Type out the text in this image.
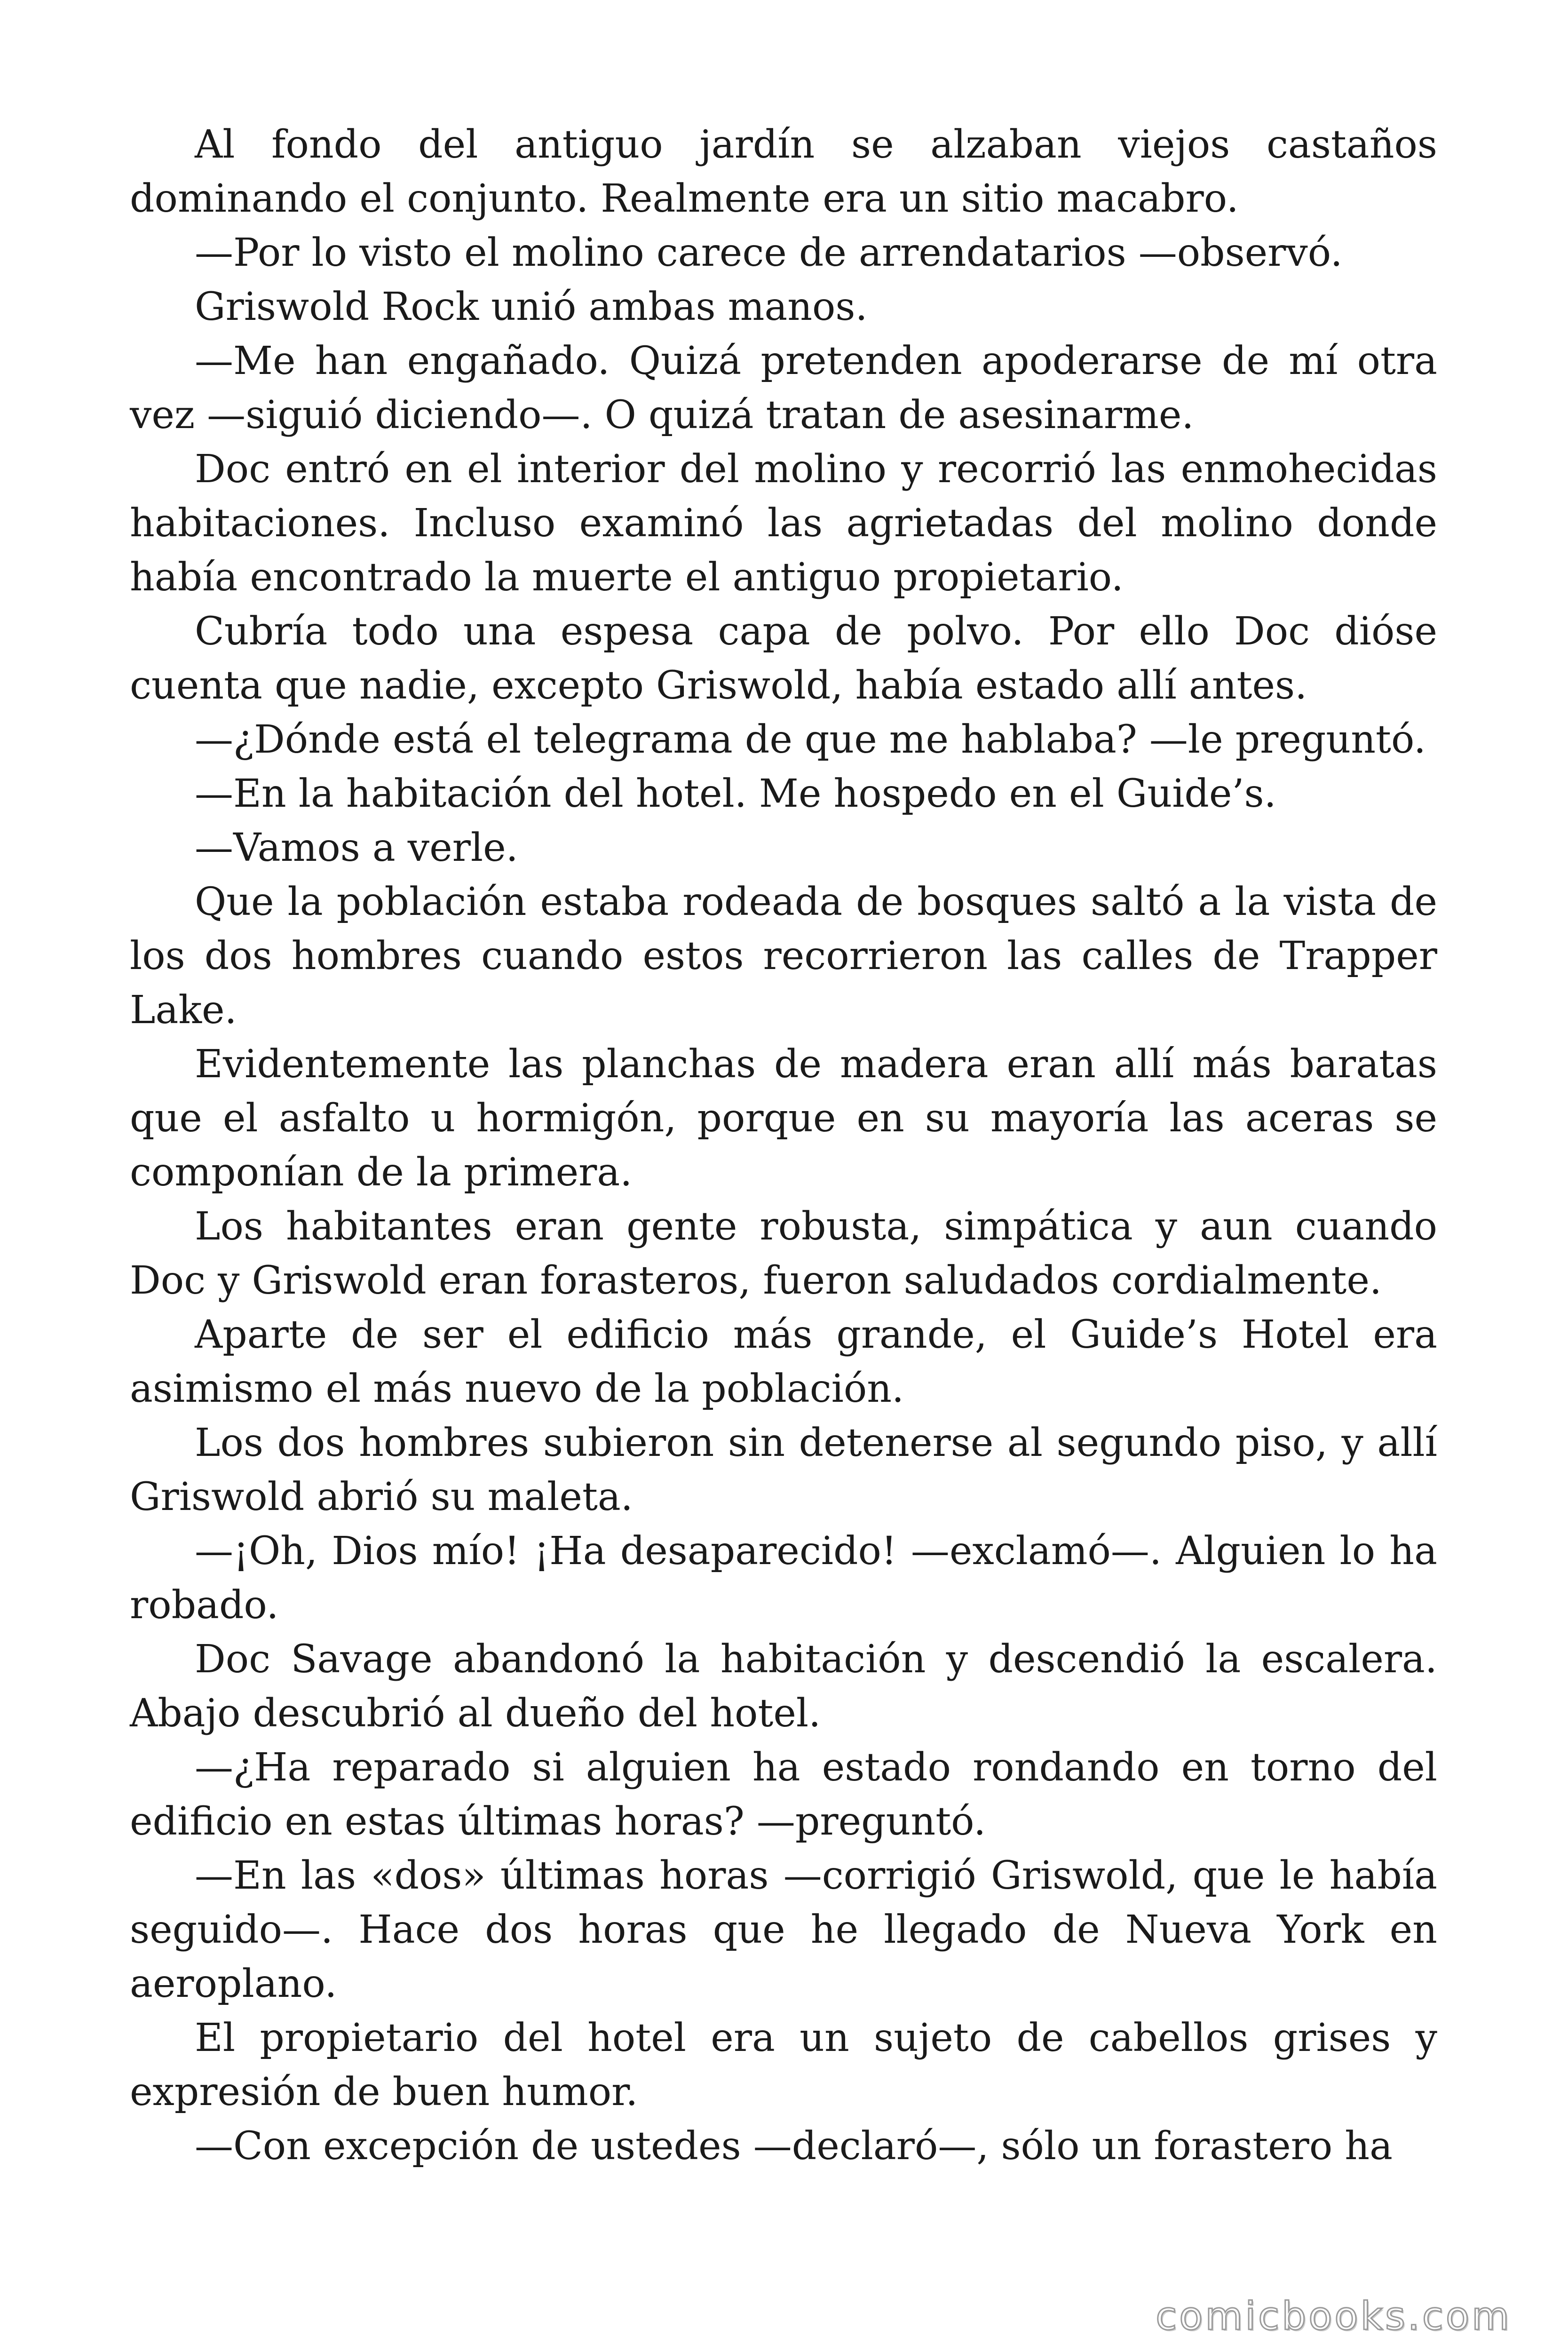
Al fondo del antiguo jardín se alzaban viejos castaños dominando el conjunto. Realmente era un sitio macabro.

—Por lo visto el molino carece de arrendatarios —observó.

Griswold Rock unió ambas manos.

—Me han engañado. Quizá pretenden apoderarse de mí otra vez —siguió diciendo—. O quizá tratan de asesinarme.

Doc entró en el interior del molino y recorrió las enmohecidas habitaciones. Incluso examinó las agrietadas del molino donde había encontrado la muerte el antiguo propietario.

Cubría todo una espesa capa de polvo. Por ello Doc dióse cuenta que nadie, excepto Griswold, había estado allí antes.

—¿Dónde está el telegrama de que me hablaba? —le preguntó.

—En la habitación del hotel. Me hospedo en el Guide’s.

—Vamos a verle.

Que la población estaba rodeada de bosques saltó a la vista de los dos hombres cuando estos recorrieron las calles de Trapper Lake.

Evidentemente las planchas de madera eran allí más baratas que el asfalto u hormigón, porque en su mayoría las aceras se componían de la primera.

Los habitantes eran gente robusta, simpática y aun cuando Doc y Griswold eran forasteros, fueron saludados cordialmente.

Aparte de ser el edificio más grande, el Guide’s Hotel era asimismo el más nuevo de la población.

Los dos hombres subieron sin detenerse al segundo piso, y allí Griswold abrió su maleta.

—¡Oh, Dios mío! ¡Ha desaparecido! —exclamó—. Alguien lo ha robado.

Doc Savage abandonó la habitación y descendió la escalera. Abajo descubrió al dueño del hotel.

—¿Ha reparado si alguien ha estado rondando en torno del edificio en estas últimas horas? —preguntó.

—En las «dos» últimas horas —corrigió Griswold, que le había seguido—. Hace dos horas que he llegado de Nueva York en aeroplano.

El propietario del hotel era un sujeto de cabellos grises y expresión de buen humor.

—Con excepción de ustedes —declaró—, sólo un forastero ha

comicbooks.com
